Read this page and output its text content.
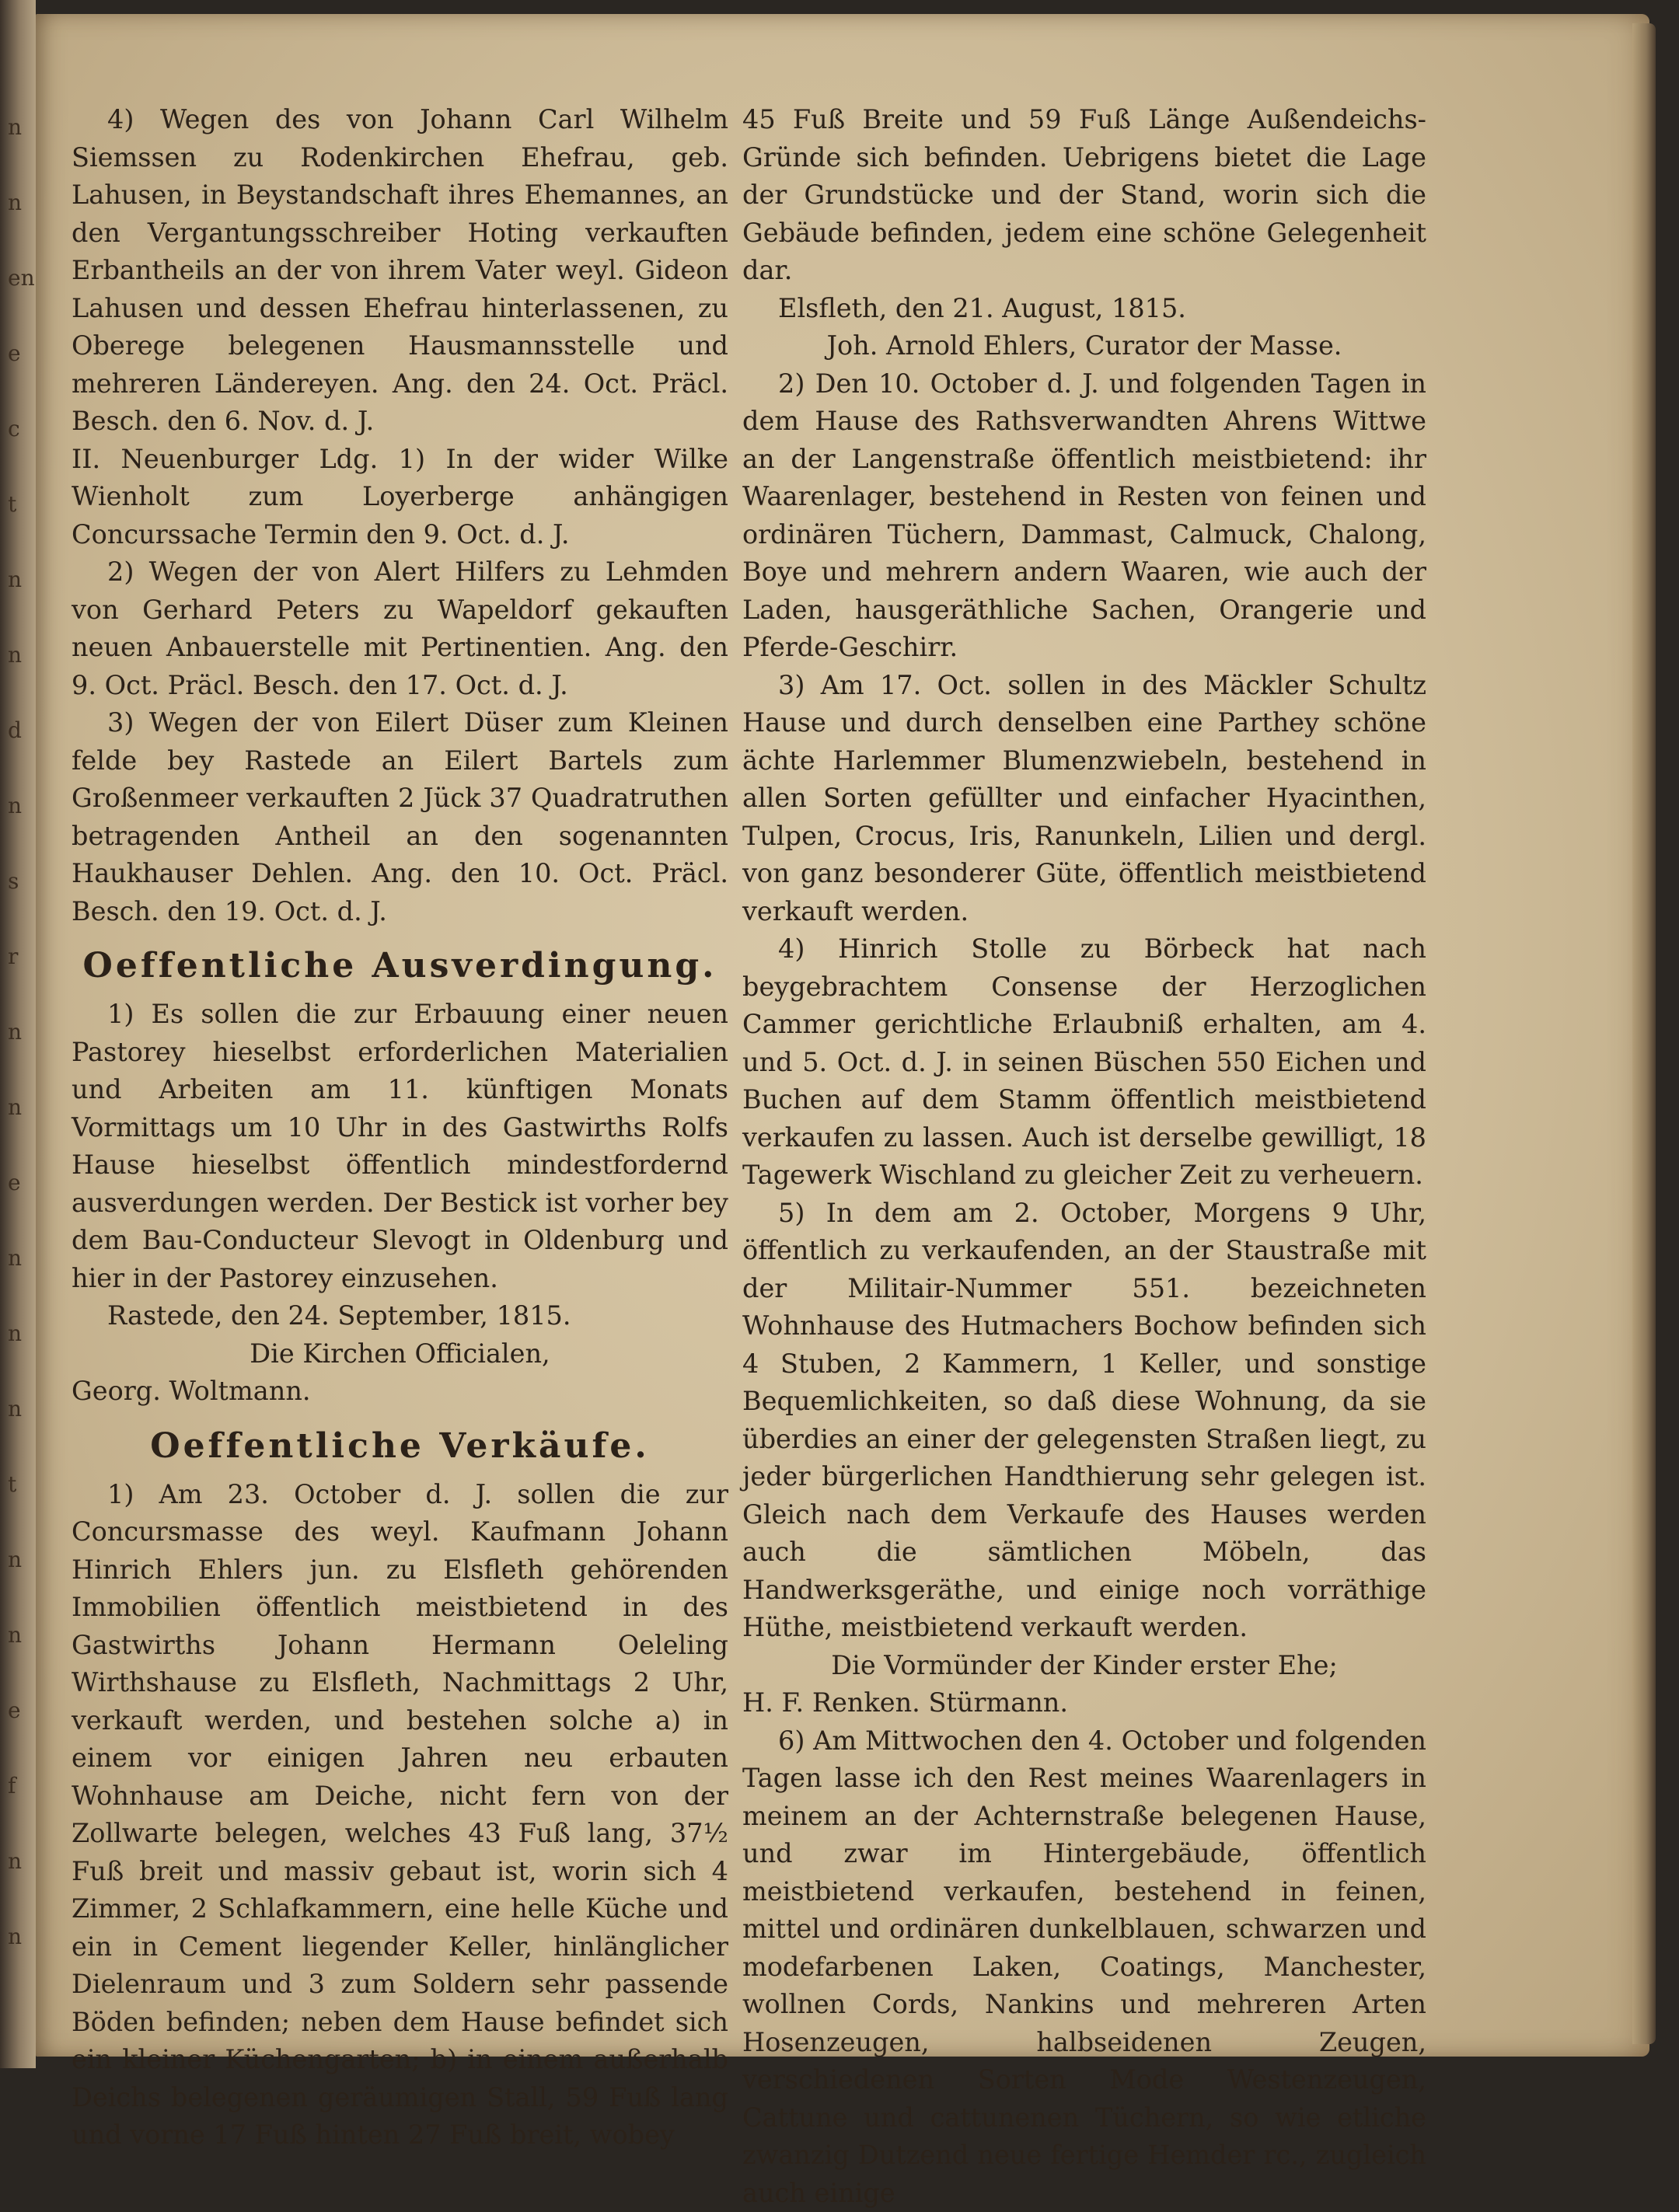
n
n
en
e
c
t
n
n
d
n
s
r
n
n
e
n
n
n
t
n
n
e
f
n
n

4) Wegen des von Johann Carl Wilhelm Siemssen zu Rodenkirchen Ehefrau, geb. Lahusen, in Beystandschaft ihres Ehemannes, an den Vergantungsschreiber Hoting verkauften Erbantheils an der von ihrem Vater weyl. Gideon Lahusen und dessen Ehefrau hinterlassenen, zu Oberege belegenen Hausmannsstelle und mehreren Ländereyen. Ang. den 24. Oct. Präcl. Besch. den 6. Nov. d. J.

II. Neuenburger Ldg. 1) In der wider Wilke Wienholt zum Loyerberge anhängigen Concurssache Termin den 9. Oct. d. J.

2) Wegen der von Alert Hilfers zu Lehmden von Gerhard Peters zu Wapeldorf gekauften neuen Anbauerstelle mit Pertinentien. Ang. den 9. Oct. Präcl. Besch. den 17. Oct. d. J.

3) Wegen der von Eilert Düser zum Kleinen felde bey Rastede an Eilert Bartels zum Großenmeer verkauften 2 Jück 37 Quadratruthen betragenden Antheil an den sogenannten Haukhauser Dehlen. Ang. den 10. Oct. Präcl. Besch. den 19. Oct. d. J.

Oeffentliche Ausverdingung.

1) Es sollen die zur Erbauung einer neuen Pastorey hieselbst erforderlichen Materialien und Arbeiten am 11. künftigen Monats Vormittags um 10 Uhr in des Gastwirths Rolfs Hause hieselbst öffentlich mindestfordernd ausverdungen werden. Der Bestick ist vorher bey dem Bau-Conducteur Slevogt in Oldenburg und hier in der Pastorey einzusehen.

Rastede, den 24. September, 1815.

Die Kirchen Officialen,

Georg. Woltmann.

Oeffentliche Verkäufe.

1) Am 23. October d. J. sollen die zur Concursmasse des weyl. Kaufmann Johann Hinrich Ehlers jun. zu Elsfleth gehörenden Immobilien öffentlich meistbietend in des Gastwirths Johann Hermann Oeleling Wirthshause zu Elsfleth, Nachmittags 2 Uhr, verkauft werden, und bestehen solche a) in einem vor einigen Jahren neu erbauten Wohnhause am Deiche, nicht fern von der Zollwarte belegen, welches 43 Fuß lang, 37½ Fuß breit und massiv gebaut ist, worin sich 4 Zimmer, 2 Schlafkammern, eine helle Küche und ein in Cement liegender Keller, hinlänglicher Dielenraum und 3 zum Soldern sehr passende Böden befinden; neben dem Hause befindet sich ein kleiner Küchengarten; b) in einem außerhalb Deichs belegenen geräumigen Stall, 59 Fuß lang und vorne 17 Fuß hinten 27 Fuß breit, wobey

45 Fuß Breite und 59 Fuß Länge Außendeichs-Gründe sich befinden. Uebrigens bietet die Lage der Grundstücke und der Stand, worin sich die Gebäude befinden, jedem eine schöne Gelegenheit dar.

Elsfleth, den 21. August, 1815.

Joh. Arnold Ehlers, Curator der Masse.

2) Den 10. October d. J. und folgenden Tagen in dem Hause des Rathsverwandten Ahrens Wittwe an der Langenstraße öffentlich meistbietend: ihr Waarenlager, bestehend in Resten von feinen und ordinären Tüchern, Dammast, Calmuck, Chalong, Boye und mehrern andern Waaren, wie auch der Laden, hausgeräthliche Sachen, Orangerie und Pferde-Geschirr.

3) Am 17. Oct. sollen in des Mäckler Schultz Hause und durch denselben eine Parthey schöne ächte Harlemmer Blumenzwiebeln, bestehend in allen Sorten gefüllter und einfacher Hyacinthen, Tulpen, Crocus, Iris, Ranunkeln, Lilien und dergl. von ganz besonderer Güte, öffentlich meistbietend verkauft werden.

4) Hinrich Stolle zu Börbeck hat nach beygebrachtem Consense der Herzoglichen Cammer gerichtliche Erlaubniß erhalten, am 4. und 5. Oct. d. J. in seinen Büschen 550 Eichen und Buchen auf dem Stamm öffentlich meistbietend verkaufen zu lassen. Auch ist derselbe gewilligt, 18 Tagewerk Wischland zu gleicher Zeit zu verheuern.

5) In dem am 2. October, Morgens 9 Uhr, öffentlich zu verkaufenden, an der Staustraße mit der Militair-Nummer 551. bezeichneten Wohnhause des Hutmachers Bochow befinden sich 4 Stuben, 2 Kammern, 1 Keller, und sonstige Bequemlichkeiten, so daß diese Wohnung, da sie überdies an einer der gelegensten Straßen liegt, zu jeder bürgerlichen Handthierung sehr gelegen ist. Gleich nach dem Verkaufe des Hauses werden auch die sämtlichen Möbeln, das Handwerksgeräthe, und einige noch vorräthige Hüthe, meistbietend verkauft werden.

Die Vormünder der Kinder erster Ehe;

H. F. Renken. Stürmann.

6) Am Mittwochen den 4. October und folgenden Tagen lasse ich den Rest meines Waarenlagers in meinem an der Achternstraße belegenen Hause, und zwar im Hintergebäude, öffentlich meistbietend verkaufen, bestehend in feinen, mittel und ordinären dunkelblauen, schwarzen und modefarbenen Laken, Coatings, Manchester, wollnen Cords, Nankins und mehreren Arten Hosenzeugen, halbseidenen Zeugen, verschiedenen Sorten Mode Westenzeugen, Cattune und cattunenen Tüchern, so wie etliche zwanzig Dutzend neue fertige Hemder rc., zugleich auch einige
